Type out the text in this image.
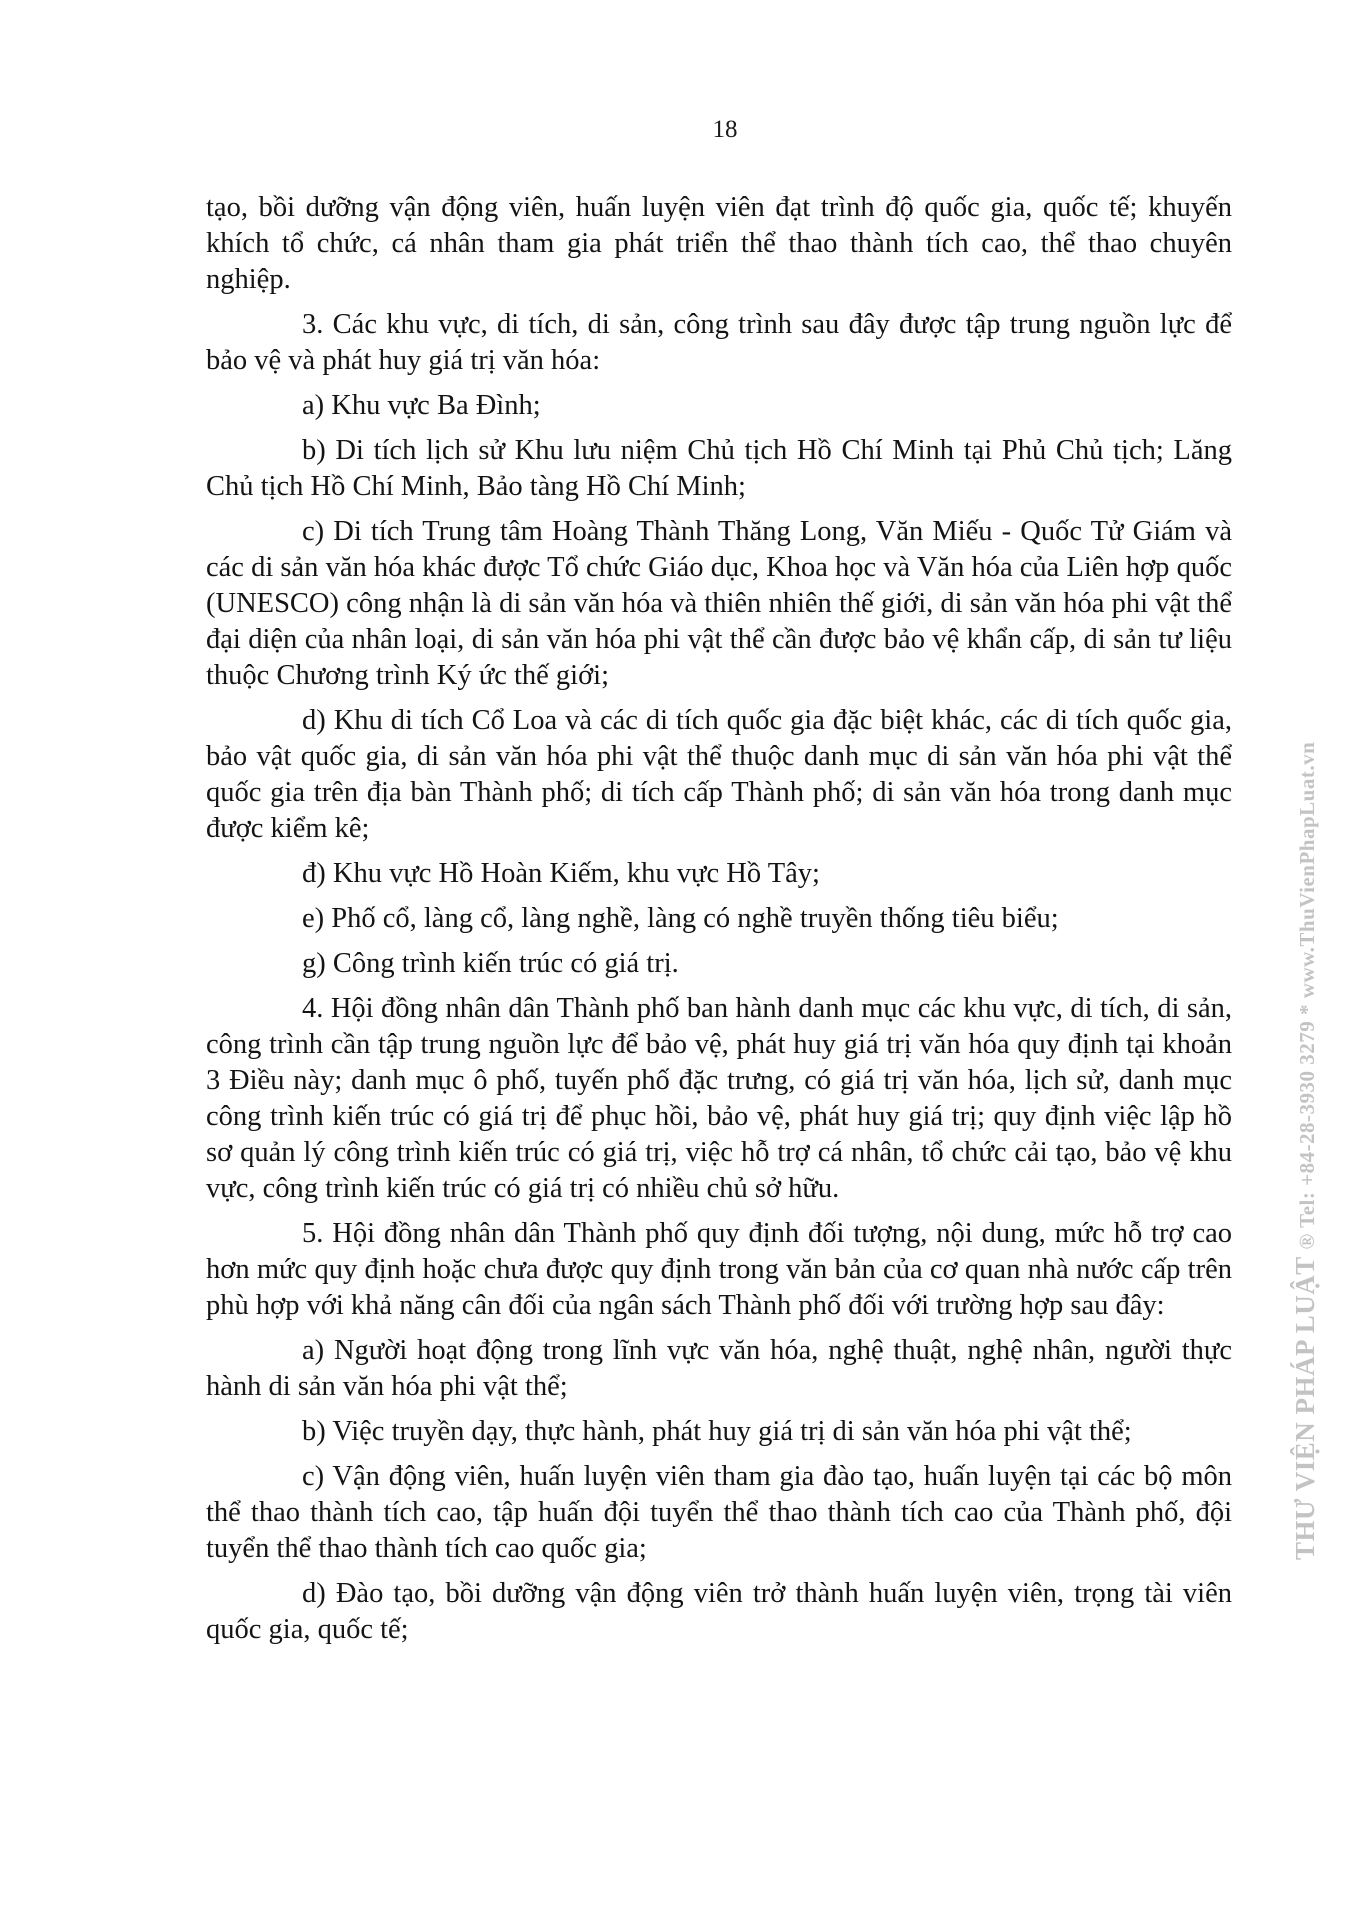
18

tạo, bồi dưỡng vận động viên, huấn luyện viên đạt trình độ quốc gia, quốc tế; khuyến khích tổ chức, cá nhân tham gia phát triển thể thao thành tích cao, thể thao chuyên nghiệp.

3. Các khu vực, di tích, di sản, công trình sau đây được tập trung nguồn lực để bảo vệ và phát huy giá trị văn hóa:

a) Khu vực Ba Đình;

b) Di tích lịch sử Khu lưu niệm Chủ tịch Hồ Chí Minh tại Phủ Chủ tịch; Lăng Chủ tịch Hồ Chí Minh, Bảo tàng Hồ Chí Minh;

c) Di tích Trung tâm Hoàng Thành Thăng Long, Văn Miếu - Quốc Tử Giám và các di sản văn hóa khác được Tổ chức Giáo dục, Khoa học và Văn hóa của Liên hợp quốc (UNESCO) công nhận là di sản văn hóa và thiên nhiên thế giới, di sản văn hóa phi vật thể đại diện của nhân loại, di sản văn hóa phi vật thể cần được bảo vệ khẩn cấp, di sản tư liệu thuộc Chương trình Ký ức thế giới;

d) Khu di tích Cổ Loa và các di tích quốc gia đặc biệt khác, các di tích quốc gia, bảo vật quốc gia, di sản văn hóa phi vật thể thuộc danh mục di sản văn hóa phi vật thể quốc gia trên địa bàn Thành phố; di tích cấp Thành phố; di sản văn hóa trong danh mục được kiểm kê;

đ) Khu vực Hồ Hoàn Kiếm, khu vực Hồ Tây;

e) Phố cổ, làng cổ, làng nghề, làng có nghề truyền thống tiêu biểu;

g) Công trình kiến trúc có giá trị.

4. Hội đồng nhân dân Thành phố ban hành danh mục các khu vực, di tích, di sản, công trình cần tập trung nguồn lực để bảo vệ, phát huy giá trị văn hóa quy định tại khoản 3 Điều này; danh mục ô phố, tuyến phố đặc trưng, có giá trị văn hóa, lịch sử, danh mục công trình kiến trúc có giá trị để phục hồi, bảo vệ, phát huy giá trị; quy định việc lập hồ sơ quản lý công trình kiến trúc có giá trị, việc hỗ trợ cá nhân, tổ chức cải tạo, bảo vệ khu vực, công trình kiến trúc có giá trị có nhiều chủ sở hữu.

5. Hội đồng nhân dân Thành phố quy định đối tượng, nội dung, mức hỗ trợ cao hơn mức quy định hoặc chưa được quy định trong văn bản của cơ quan nhà nước cấp trên phù hợp với khả năng cân đối của ngân sách Thành phố đối với trường hợp sau đây:

a) Người hoạt động trong lĩnh vực văn hóa, nghệ thuật, nghệ nhân, người thực hành di sản văn hóa phi vật thể;

b) Việc truyền dạy, thực hành, phát huy giá trị di sản văn hóa phi vật thể;

c) Vận động viên, huấn luyện viên tham gia đào tạo, huấn luyện tại các bộ môn thể thao thành tích cao, tập huấn đội tuyển thể thao thành tích cao của Thành phố, đội tuyển thể thao thành tích cao quốc gia;

d) Đào tạo, bồi dưỡng vận động viên trở thành huấn luyện viên, trọng tài viên quốc gia, quốc tế;

THƯ VIỆN PHÁP LUẬT ® Tel: +84-28-3930 3279 * www.ThuVienPhapLuat.vn
